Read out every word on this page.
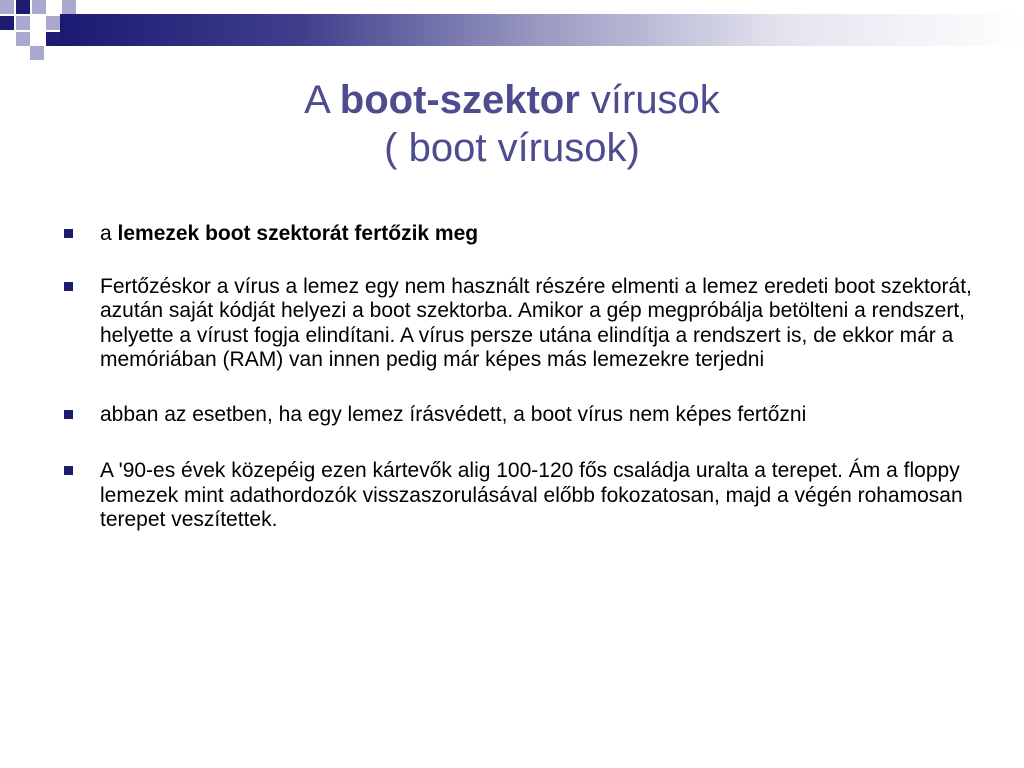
A boot-szektor vírusok
( boot vírusok)
a lemezek boot szektorát fertőzik meg
Fertőzéskor a vírus a lemez egy nem használt részére elmenti a lemez eredeti boot szektorát, azután saját kódját helyezi a boot szektorba. Amikor a gép megpróbálja betölteni a rendszert, helyette a vírust fogja elindítani. A vírus persze utána elindítja a rendszert is, de ekkor már a memóriában (RAM) van innen pedig már képes más lemezekre terjedni
abban az esetben, ha egy lemez írásvédett, a boot vírus nem képes fertőzni
A '90-es évek közepéig ezen kártevők alig 100-120 fős családja uralta a terepet. Ám a floppy lemezek mint adathordozók visszaszorulásával előbb fokozatosan, majd a végén rohamosan terepet veszítettek.
